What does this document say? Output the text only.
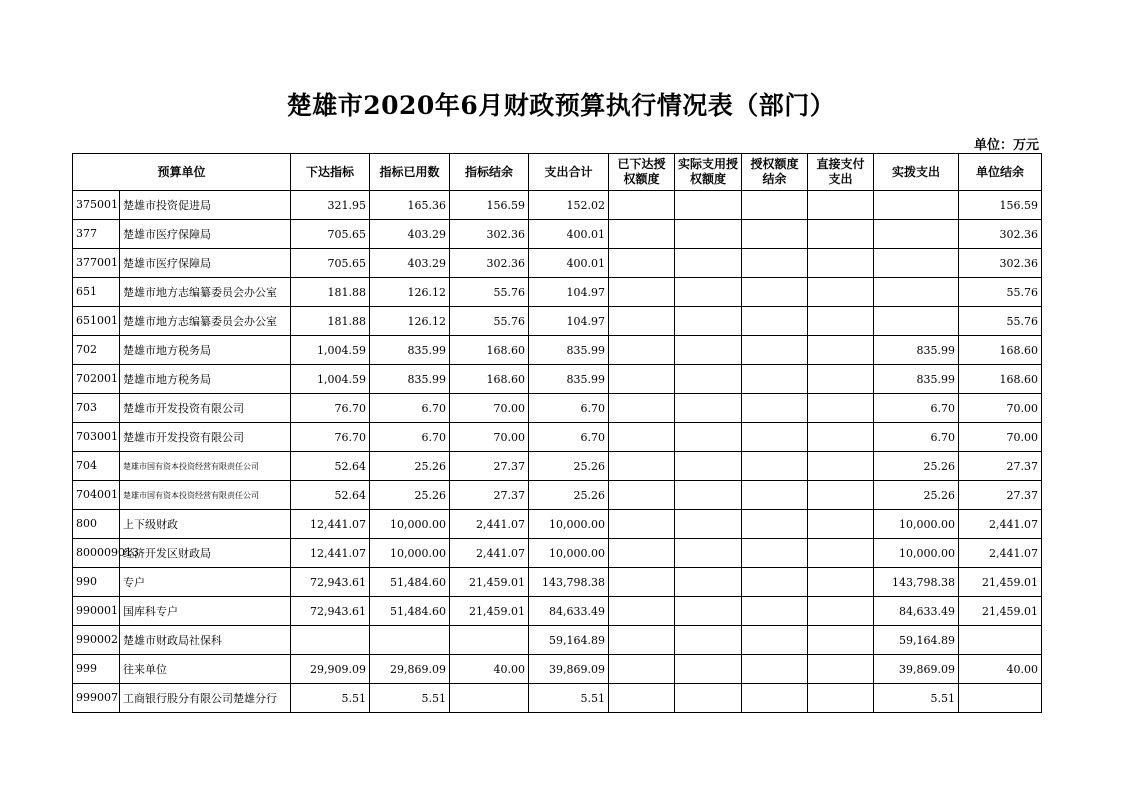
楚雄市2020年6月财政预算执行情况表（部门）
单位：万元
预算单位		下达指标	指标已用数	指标结余	支出合计	已下达授权额度	实际支用授权额度	授权额度结余	直接支付支出	实拨支出	单位结余
375001	楚雄市投资促进局	321.95	165.36	156.59	152.02						156.59
377	楚雄市医疗保障局	705.65	403.29	302.36	400.01						302.36
377001	楚雄市医疗保障局	705.65	403.29	302.36	400.01						302.36
651	楚雄市地方志编纂委员会办公室	181.88	126.12	55.76	104.97						55.76
651001	楚雄市地方志编纂委员会办公室	181.88	126.12	55.76	104.97						55.76
702	楚雄市地方税务局	1,004.59	835.99	168.60	835.99					835.99	168.60
702001	楚雄市地方税务局	1,004.59	835.99	168.60	835.99					835.99	168.60
703	楚雄市开发投资有限公司	76.70	6.70	70.00	6.70					6.70	70.00
703001	楚雄市开发投资有限公司	76.70	6.70	70.00	6.70					6.70	70.00
704	楚雄市国有资本投资经营有限责任公司	52.64	25.26	27.37	25.26					25.26	27.37
704001	楚雄市国有资本投资经营有限责任公司	52.64	25.26	27.37	25.26					25.26	27.37
800	上下级财政	12,441.07	10,000.00	2,441.07	10,000.00					10,000.00	2,441.07
800009013	经济开发区财政局	12,441.07	10,000.00	2,441.07	10,000.00					10,000.00	2,441.07
990	专户	72,943.61	51,484.60	21,459.01	143,798.38					143,798.38	21,459.01
990001	国库科专户	72,943.61	51,484.60	21,459.01	84,633.49					84,633.49	21,459.01
990002	楚雄市财政局社保科				59,164.89					59,164.89	
999	往来单位	29,909.09	29,869.09	40.00	39,869.09					39,869.09	40.00
999007	工商银行股分有限公司楚雄分行	5.51	5.51		5.51					5.51	
